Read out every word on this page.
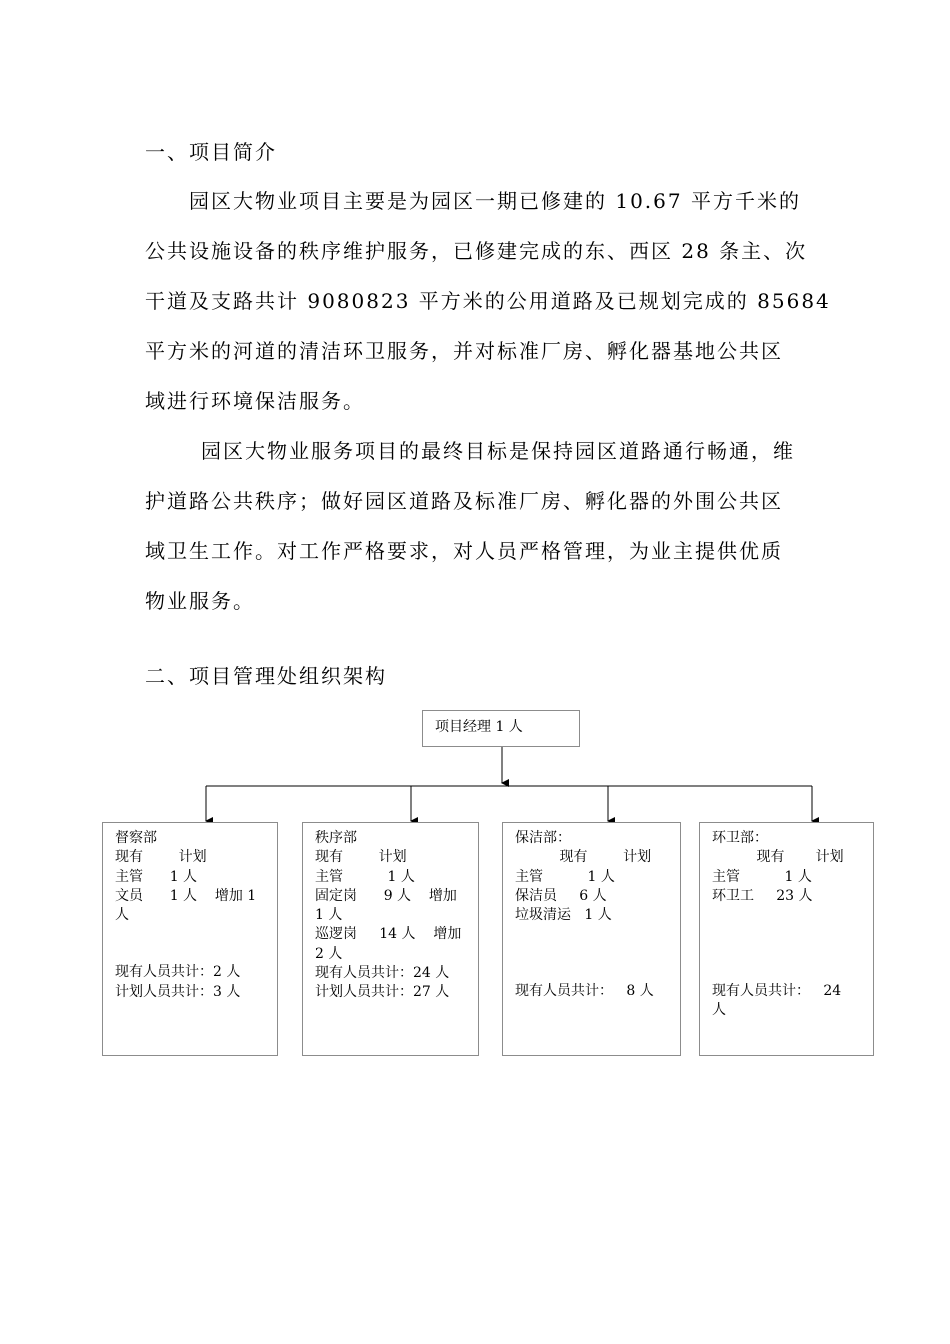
一、项目简介
园区大物业项目主要是为园区一期已修建的 10.67 平方千米的
公共设施设备的秩序维护服务，已修建完成的东、西区 28 条主、次
干道及支路共计 9080823 平方米的公用道路及已规划完成的 85684
平方米的河道的清洁环卫服务，并对标准厂房、孵化器基地公共区
域进行环境保洁服务。
园区大物业服务项目的最终目标是保持园区道路通行畅通，维
护道路公共秩序；做好园区道路及标准厂房、孵化器的外围公共区
域卫生工作。对工作严格要求，对人员严格管理，为业主提供优质
物业服务。
二、项目管理处组织架构
项目经理 1 人
督察部
现有        计划
主管      1 人
文员      1 人    增加 1
人
现有人员共计：2 人
计划人员共计：3 人
秩序部
现有        计划
主管          1 人
固定岗      9 人    增加
1 人
巡逻岗     14 人    增加
2 人
现有人员共计：24 人
计划人员共计：27 人
保洁部：
现有        计划
主管          1 人
保洁员     6 人
垃圾清运   1 人
现有人员共计：   8 人
环卫部：
现有       计划
主管          1 人
环卫工     23 人
现有人员共计：   24
人
